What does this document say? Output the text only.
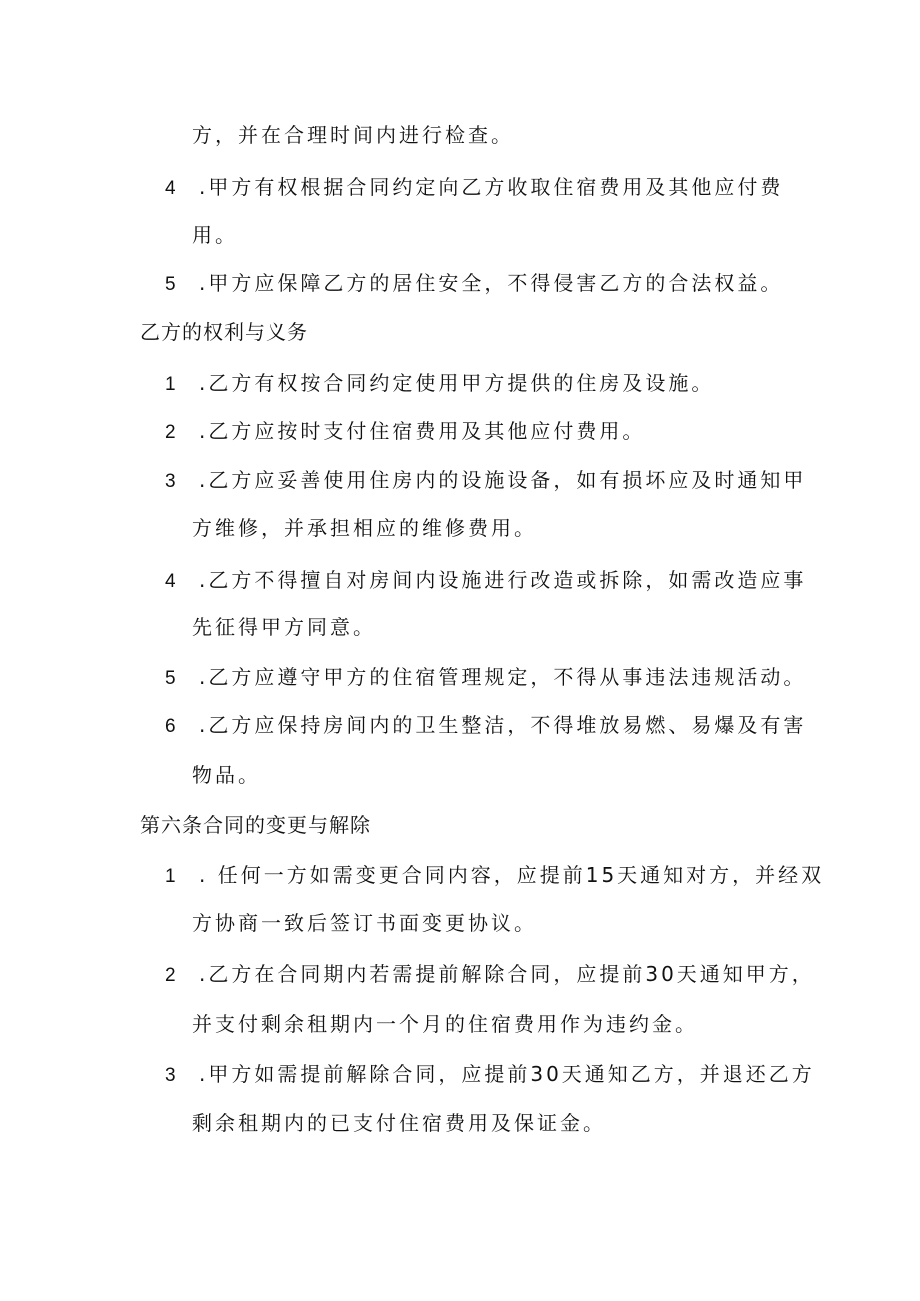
方，并在合理时间内进行检查。
4 .甲方有权根据合同约定向乙方收取住宿费用及其他应付费
用。
5 .甲方应保障乙方的居住安全，不得侵害乙方的合法权益。
乙方的权利与义务
1 .乙方有权按合同约定使用甲方提供的住房及设施。
2 .乙方应按时支付住宿费用及其他应付费用。
3 .乙方应妥善使用住房内的设施设备，如有损坏应及时通知甲
方维修，并承担相应的维修费用。
4 .乙方不得擅自对房间内设施进行改造或拆除，如需改造应事
先征得甲方同意。
5 .乙方应遵守甲方的住宿管理规定，不得从事违法违规活动。
6 .乙方应保持房间内的卫生整洁，不得堆放易燃、易爆及有害
物品。
第六条合同的变更与解除
1 . 任何一方如需变更合同内容，应提前15天通知对方，并经双
方协商一致后签订书面变更协议。
2 .乙方在合同期内若需提前解除合同，应提前30天通知甲方，
并支付剩余租期内一个月的住宿费用作为违约金。
3 .甲方如需提前解除合同，应提前30天通知乙方，并退还乙方
剩余租期内的已支付住宿费用及保证金。
